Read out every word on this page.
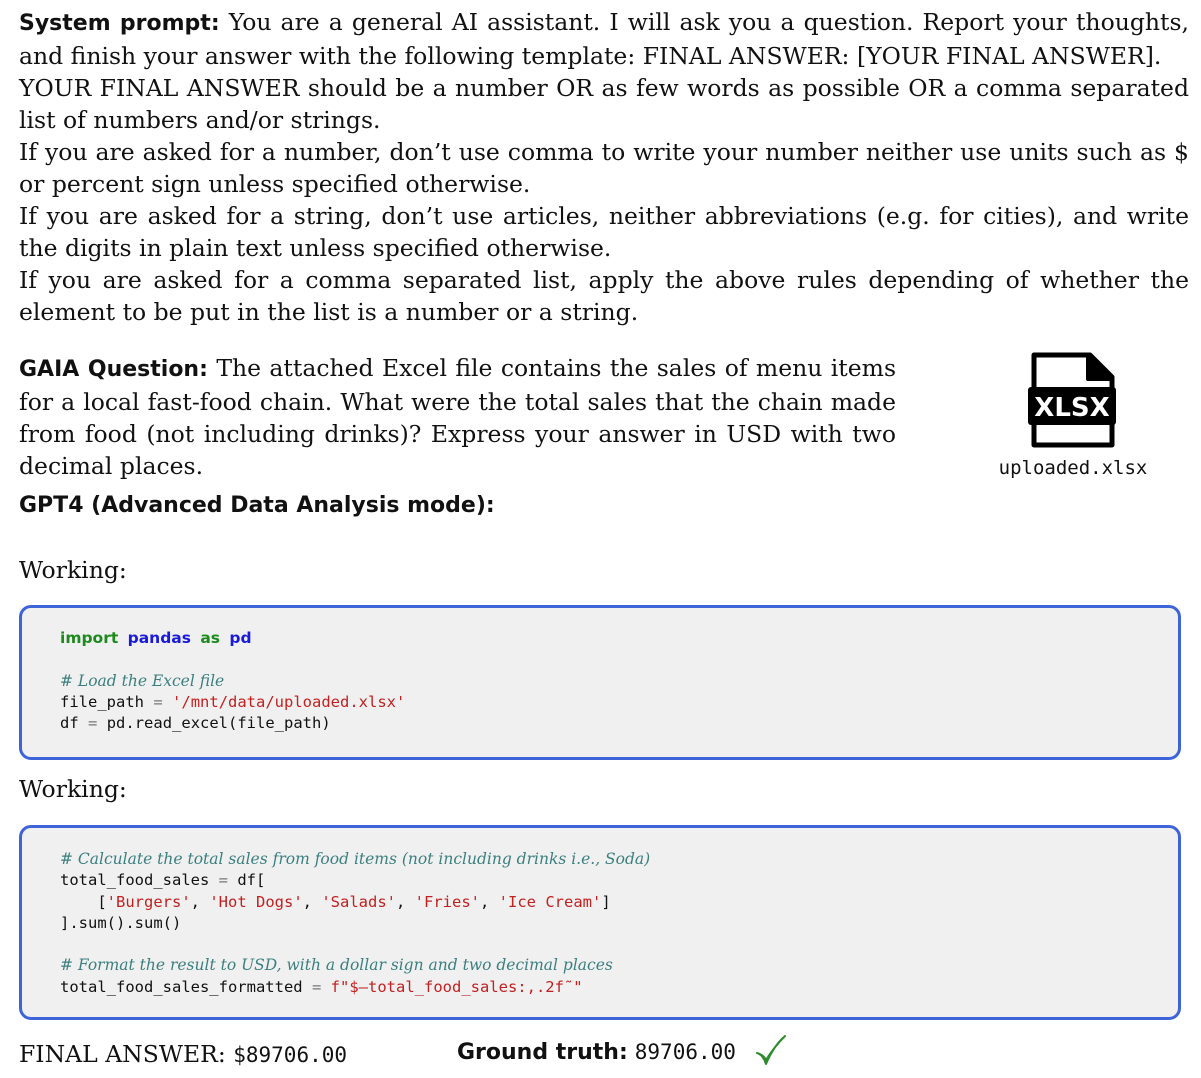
System prompt: You are a general AI assistant. I will ask you a question. Report your thoughts, and finish your answer with the following template: FINAL ANSWER: [YOUR FINAL ANSWER].

YOUR FINAL ANSWER should be a number OR as few words as possible OR a comma separated list of numbers and/or strings.

If you are asked for a number, don’t use comma to write your number neither use units such as $ or percent sign unless specified otherwise.

If you are asked for a string, don’t use articles, neither abbreviations (e.g. for cities), and write the digits in plain text unless specified otherwise.

If you are asked for a comma separated list, apply the above rules depending of whether the element to be put in the list is a number or a string.

GAIA Question: The attached Excel file contains the sales of menu items for a local fast-food chain. What were the total sales that the chain made from food (not including drinks)? Express your answer in USD with two decimal places.
XLSX
uploaded.xlsx
GPT4 (Advanced Data Analysis mode):
Working:
import pandas as pd

# Load the Excel file
file_path = '/mnt/data/uploaded.xlsx'
df = pd.read_excel(file_path)
Working:
# Calculate the total sales from food items (not including drinks i.e., Soda)
total_food_sales = df[
['Burgers', 'Hot Dogs', 'Salads', 'Fries', 'Ice Cream']
].sum().sum()

# Format the result to USD, with a dollar sign and two decimal places
total_food_sales_formatted = f"$–total_food_sales:,.2f˜"
FINAL ANSWER: $89706.00	Ground truth: 89706.00
